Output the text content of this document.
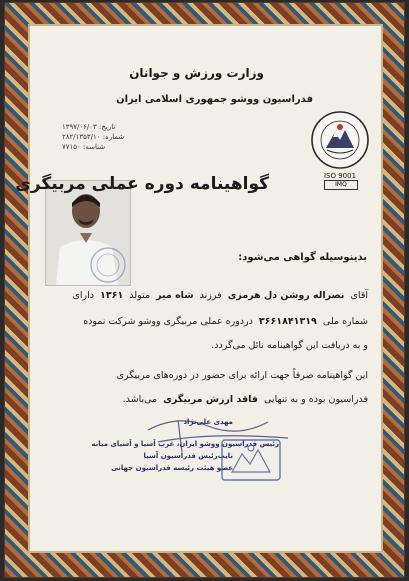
وزارت ورزش و جوانان
فدراسیون ووشو جمهوری اسلامی ایران
تاریخ: ۱۳۹۷/۰۶/۰۳
شماره: ۲۸۲/۱۳۵۳/۱۰
شناسه: ۷۷۱۵۰
ISO 9001
IMQ
گواهینامه دوره عملی مربیگری
بدینوسیله گواهی می‌شود:
آقای  نصراله روشن دل هرمزی  فرزند  شاه میر  متولد  ۱۳۶۱  دارای
شماره ملی  ۳۶۶۱۸۴۱۳۱۹  دردوره عملی مربیگری ووشو شرکت نموده
و به دریافت این گواهینامه نائل می‌گردد.
این گواهینامه صرفاً جهت ارائه برای حضور در دوره‌های مربیگری
فدراسیون بوده و به تنهایی  فاقد ارزش مربیگری  می‌باشد.
مهدی علی‌نژاد
رئیس فدراسیون ووشو ایران، غرب آسیا و آسیای میانه
نایب‌رئیس فدراسیون آسیا
عضو هیئت رئیسه فدراسیون جهانی
